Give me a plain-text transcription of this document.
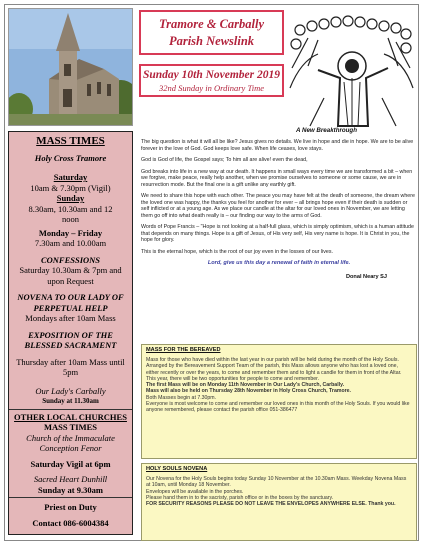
Tramore & Carbally
Parish Newslink
Sunday 10th November 2019
32nd Sunday in Ordinary Time
MASS TIMES
Holy Cross Tramore
Saturday
10am & 7.30pm (Vigil)
Sunday
8.30am, 10.30am and 12 noon
Monday – Friday
7.30am and 10.00am
CONFESSIONS
Saturday 10.30am & 7pm and upon Request
NOVENA TO OUR LADY OF PERPETUAL HELP
Mondays after 10am Mass
EXPOSITION OF THE BLESSED SACRAMENT
Thursday after 10am Mass until 5pm
Our Lady's Carbally
Sunday at 11.30am
OTHER LOCAL CHURCHES
MASS TIMES
Church of the Immaculate Conception Fenor
Saturday Vigil at 6pm
Sacred Heart Dunhill
Sunday at 9.30am
Priest on Duty
Contact 086-6004384
A New Breakthrough

The big question is what it will all be like? Jesus gives no details. We live in hope and die in hope. We are to be alive forever in the love of God. God keeps love safe. When life ceases, love stays.

God is God of life, the Gospel says; To him all are alive! even the dead,

God breaks into life in a new way at our death. It happens in small ways every time we are transformed a bit – when we forgive, make peace, really help another, when we promise ourselves to someone or some cause, we are in resurrection mode. But the final one is a gift unlike any earthly gift.

We need to share this hope with each other. The peace you may have felt at the death of someone, the dream where the loved one was happy, the thanks you feel for another for ever – all brings hope even if their death is sudden or self inflicted or at a young age. As we place our candle at the altar for our loved ones in November, we are letting them go off into what death really is – our finding our way to the arms of God.

Words of Pope Francis – "Hope is not looking at a half-full glass, which is simply optimism, which is a human attitude that depends on many things. Hope is a gift of Jesus, of His very self, His very name is hope. It is Christ in you, the hope for glory.

This is the eternal hope, which is the root of our joy even in the losses of our lives.

Lord, give us this day a renewal of faith in eternal life.
Donal Neary SJ
MASS FOR THE BEREAVED

Mass for those who have died within the last year in our parish will be held during the month of the Holy Souls. Arranged by the Bereavement Support Team of the parish, this Mass allows anyone who has lost a loved one, either recently or over the years, to come and remember them and to light a candle for them in front of the Altar.

This year, there will be two opportunities for people to come and remember.

The first Mass will be on Monday 11th November in Our Lady's Church, Carbally.

Mass will also be held on Thursday 28th November in Holy Cross Church, Tramore.

Both Masses begin at 7.30pm.

Everyone is most welcome to come and remember our loved ones in this month of the Holy Souls. If you would like anyone remembered, please contact the parish office 051-386477

HOLY SOULS NOVENA

Our Novena for the Holy Souls begins today Sunday 10 November at the 10.30am Mass. Weekday Novena Mass at 10am, until Monday 18 November.

Envelopes will be available in the porches.

Please hand them in to the sacristy, parish office or in the boxes by the sanctuary.

FOR SECURITY REASONS PLEASE DO NOT LEAVE THE ENVELOPES ANYWHERE ELSE. Thank you.
